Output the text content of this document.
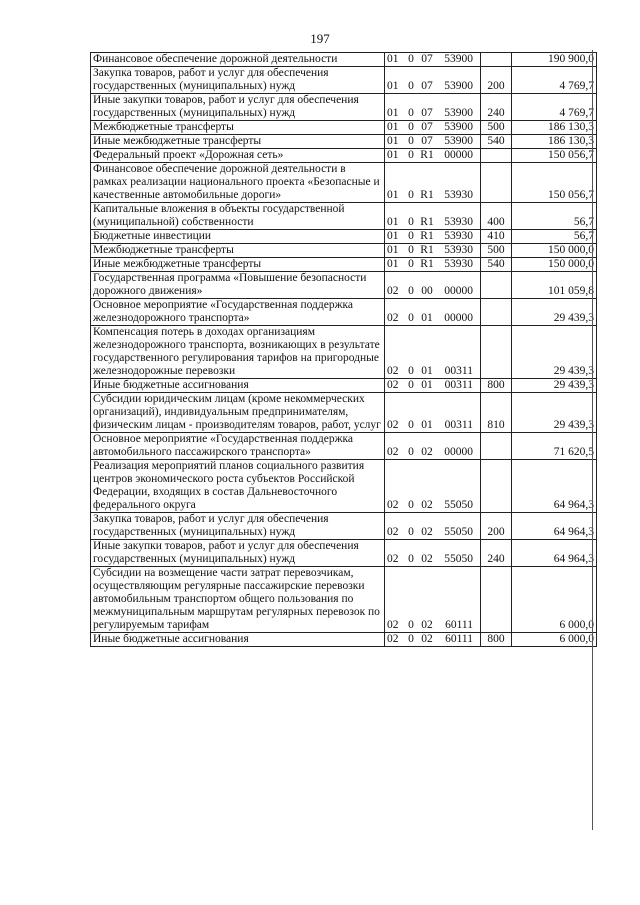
197
Финансовое обеспечение дорожной деятельности	01 0 07 53900		190 900,0
Закупка товаров, работ и услуг для обеспечения государственных (муниципальных) нужд	01 0 07 53900	200	4 769,7
Иные закупки товаров, работ и услуг для обеспечения государственных (муниципальных) нужд	01 0 07 53900	240	4 769,7
Межбюджетные трансферты	01 0 07 53900	500	186 130,3
Иные межбюджетные трансферты	01 0 07 53900	540	186 130,3
Федеральный проект «Дорожная сеть»	01 0 R1 00000		150 056,7
Финансовое обеспечение дорожной деятельности в рамках реализации национального проекта «Безопасные и качественные автомобильные дороги»	01 0 R1 53930		150 056,7
Капитальные вложения в объекты государственной (муниципальной) собственности	01 0 R1 53930	400	56,7
Бюджетные инвестиции	01 0 R1 53930	410	56,7
Межбюджетные трансферты	01 0 R1 53930	500	150 000,0
Иные межбюджетные трансферты	01 0 R1 53930	540	150 000,0
Государственная программа «Повышение безопасности дорожного движения»	02 0 00 00000		101 059,8
Основное мероприятие «Государственная поддержка железнодорожного транспорта»	02 0 01 00000		29 439,3
Компенсация потерь в доходах организациям железнодорожного транспорта, возникающих в результате государственного регулирования тарифов на пригородные железнодорожные перевозки	02 0 01 00311		29 439,3
Иные бюджетные ассигнования	02 0 01 00311	800	29 439,3
Субсидии юридическим лицам (кроме некоммерческих организаций), индивидуальным предпринимателям, физическим лицам - производителям товаров, работ, услуг	02 0 01 00311	810	29 439,3
Основное мероприятие «Государственная поддержка автомобильного пассажирского транспорта»	02 0 02 00000		71 620,5
Реализация мероприятий планов социального развития центров экономического роста субъектов Российской Федерации, входящих в состав Дальневосточного федерального округа	02 0 02 55050		64 964,3
Закупка товаров, работ и услуг для обеспечения государственных (муниципальных) нужд	02 0 02 55050	200	64 964,3
Иные закупки товаров, работ и услуг для обеспечения государственных (муниципальных) нужд	02 0 02 55050	240	64 964,3
Субсидии на возмещение части затрат перевозчикам, осуществляющим регулярные пассажирские перевозки автомобильным транспортом общего пользования по межмуниципальным маршрутам регулярных перевозок по регулируемым тарифам	02 0 02 60111		6 000,0
Иные бюджетные ассигнования	02 0 02 60111	800	6 000,0
